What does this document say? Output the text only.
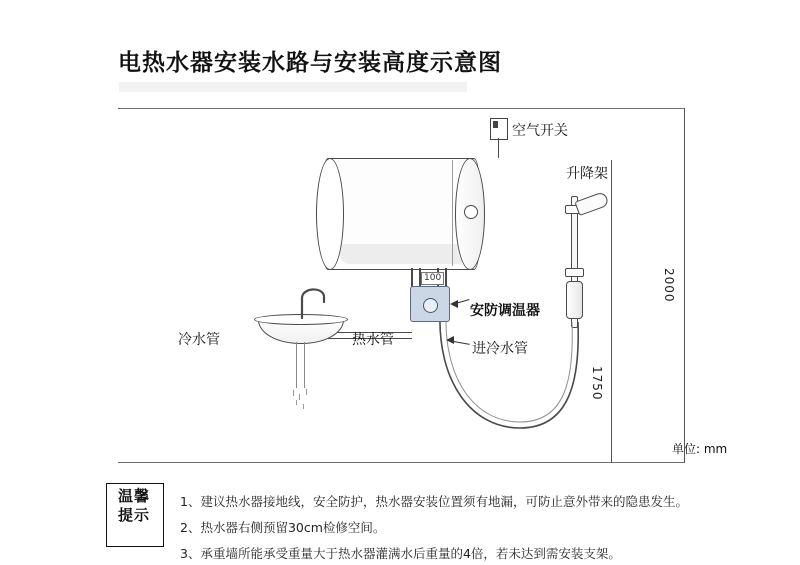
电热水器安装水路与安装高度示意图
空气开关
升降架
100
安防调温器
冷水管	热水管
进冷水管
2000
1750
单位: mm
温馨
提示
1、建议热水器接地线，安全防护，热水器安装位置须有地漏，可防止意外带来的隐患发生。
2、热水器右侧预留30cm检修空间。
3、承重墙所能承受重量大于热水器灌满水后重量的4倍，若未达到需安装支架。
